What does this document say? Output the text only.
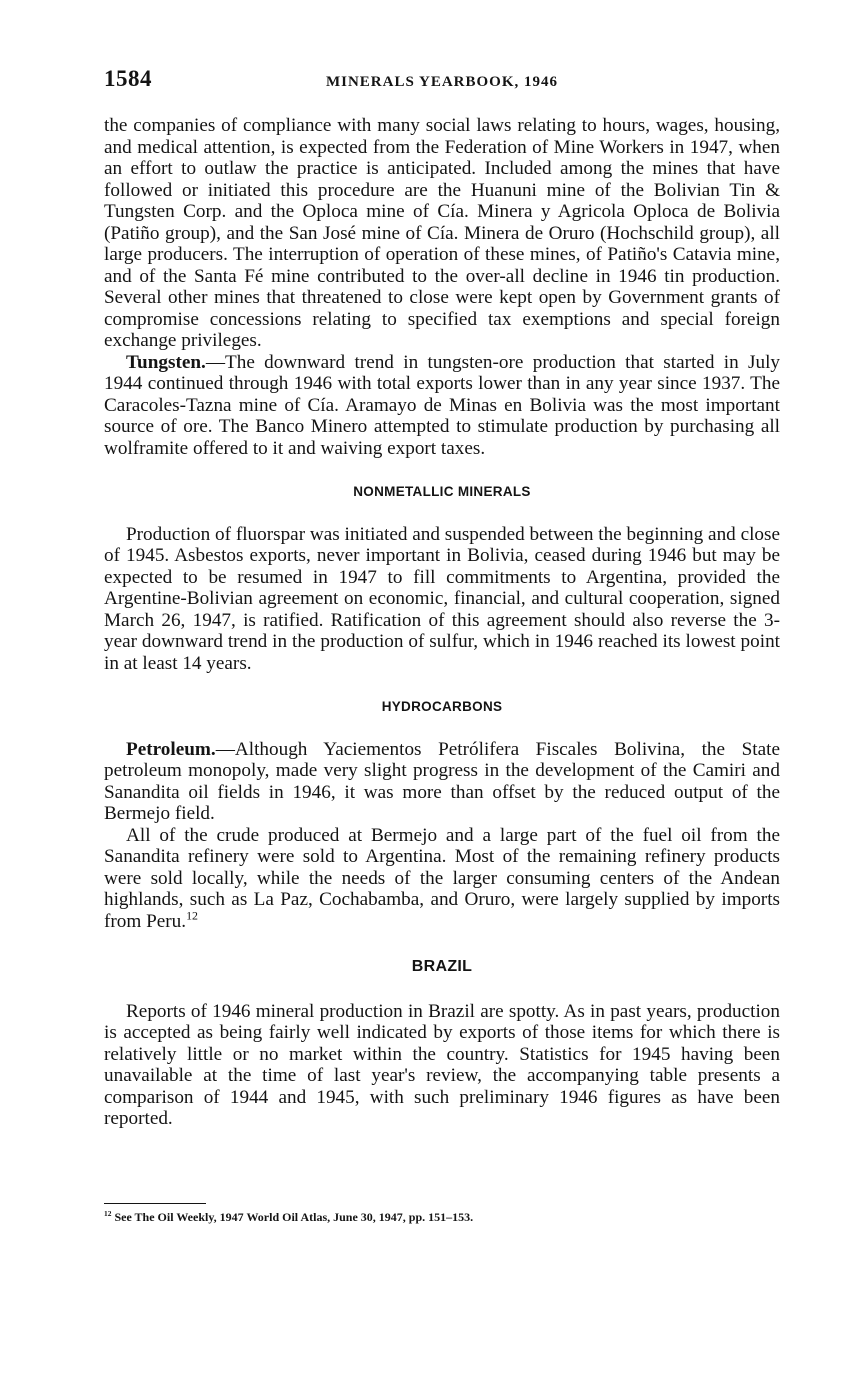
1584	MINERALS YEARBOOK, 1946

the companies of compliance with many social laws relating to hours, wages, housing, and medical attention, is expected from the Federation of Mine Workers in 1947, when an effort to outlaw the practice is anticipated. Included among the mines that have followed or initiated this procedure are the Huanuni mine of the Bolivian Tin & Tungsten Corp. and the Oploca mine of Cía. Minera y Agricola Oploca de Bolivia (Patiño group), and the San José mine of Cía. Minera de Oruro (Hochschild group), all large producers. The interruption of operation of these mines, of Patiño's Catavia mine, and of the Santa Fé mine contributed to the over-all decline in 1946 tin production. Several other mines that threatened to close were kept open by Government grants of compromise concessions relating to specified tax exemptions and special foreign exchange privileges.

Tungsten.—The downward trend in tungsten-ore production that started in July 1944 continued through 1946 with total exports lower than in any year since 1937. The Caracoles-Tazna mine of Cía. Aramayo de Minas en Bolivia was the most important source of ore. The Banco Minero attempted to stimulate production by purchasing all wolframite offered to it and waiving export taxes.

NONMETALLIC MINERALS

Production of fluorspar was initiated and suspended between the beginning and close of 1945. Asbestos exports, never important in Bolivia, ceased during 1946 but may be expected to be resumed in 1947 to fill commitments to Argentina, provided the Argentine-Bolivian agreement on economic, financial, and cultural cooperation, signed March 26, 1947, is ratified. Ratification of this agreement should also reverse the 3-year downward trend in the production of sulfur, which in 1946 reached its lowest point in at least 14 years.

HYDROCARBONS

Petroleum.—Although Yaciementos Petrólifera Fiscales Bolivina, the State petroleum monopoly, made very slight progress in the development of the Camiri and Sanandita oil fields in 1946, it was more than offset by the reduced output of the Bermejo field.

All of the crude produced at Bermejo and a large part of the fuel oil from the Sanandita refinery were sold to Argentina. Most of the remaining refinery products were sold locally, while the needs of the larger consuming centers of the Andean highlands, such as La Paz, Cochabamba, and Oruro, were largely supplied by imports from Peru.$^{12}$

BRAZIL

Reports of 1946 mineral production in Brazil are spotty. As in past years, production is accepted as being fairly well indicated by exports of those items for which there is relatively little or no market within the country. Statistics for 1945 having been unavailable at the time of last year's review, the accompanying table presents a comparison of 1944 and 1945, with such preliminary 1946 figures as have been reported.

$^{12}$ See The Oil Weekly, 1947 World Oil Atlas, June 30, 1947, pp. 151–153.
